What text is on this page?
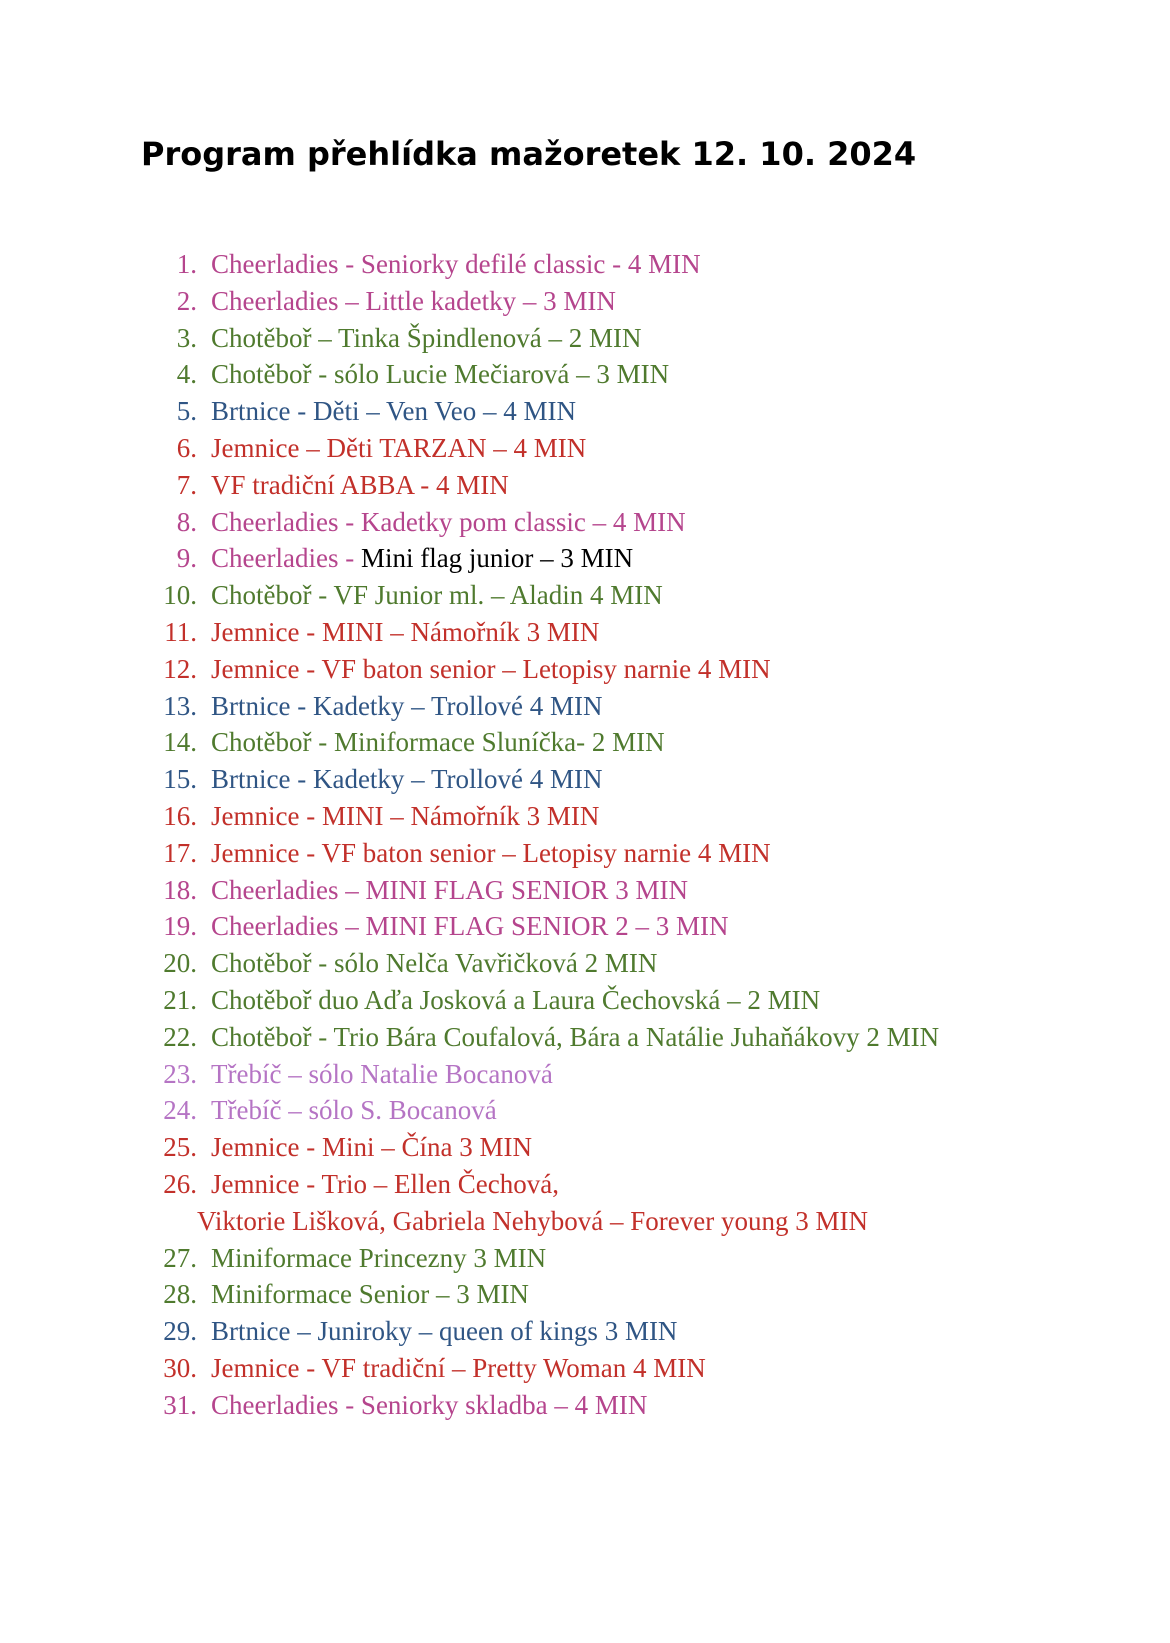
Program přehlídka mažoretek 12. 10. 2024
1. Cheerladies - Seniorky defilé classic - 4 MIN
2. Cheerladies – Little kadetky – 3 MIN
3. Chotěboř – Tinka Špindlenová – 2 MIN
4. Chotěboř - sólo Lucie Mečiarová – 3 MIN
5. Brtnice - Děti – Ven Veo – 4 MIN
6. Jemnice – Děti TARZAN – 4 MIN
7. VF tradiční ABBA - 4 MIN
8. Cheerladies - Kadetky pom classic – 4 MIN
9. Cheerladies - Mini flag junior – 3 MIN
10. Chotěboř - VF Junior ml. – Aladin 4 MIN
11. Jemnice - MINI – Námořník 3 MIN
12. Jemnice - VF baton senior – Letopisy narnie 4 MIN
13. Brtnice - Kadetky – Trollové 4 MIN
14. Chotěboř - Miniformace Sluníčka- 2 MIN
15. Brtnice - Kadetky – Trollové 4 MIN
16. Jemnice - MINI – Námořník 3 MIN
17. Jemnice - VF baton senior – Letopisy narnie 4 MIN
18. Cheerladies – MINI FLAG SENIOR 3 MIN
19. Cheerladies – MINI FLAG SENIOR 2 – 3 MIN
20. Chotěboř - sólo Nelča Vavřičková 2 MIN
21. Chotěboř duo Aďa Josková a Laura Čechovská – 2 MIN
22. Chotěboř - Trio Bára Coufalová, Bára a Natálie Juhaňákovy 2 MIN
23. Třebíč – sólo Natalie Bocanová
24. Třebíč – sólo S. Bocanová
25. Jemnice - Mini – Čína 3 MIN
26. Jemnice - Trio – Ellen Čechová,
Viktorie Lišková, Gabriela Nehybová – Forever young 3 MIN
27. Miniformace Princezny 3 MIN
28. Miniformace Senior – 3 MIN
29. Brtnice – Juniroky – queen of kings 3 MIN
30. Jemnice - VF tradiční – Pretty Woman 4 MIN
31. Cheerladies - Seniorky skladba – 4 MIN
